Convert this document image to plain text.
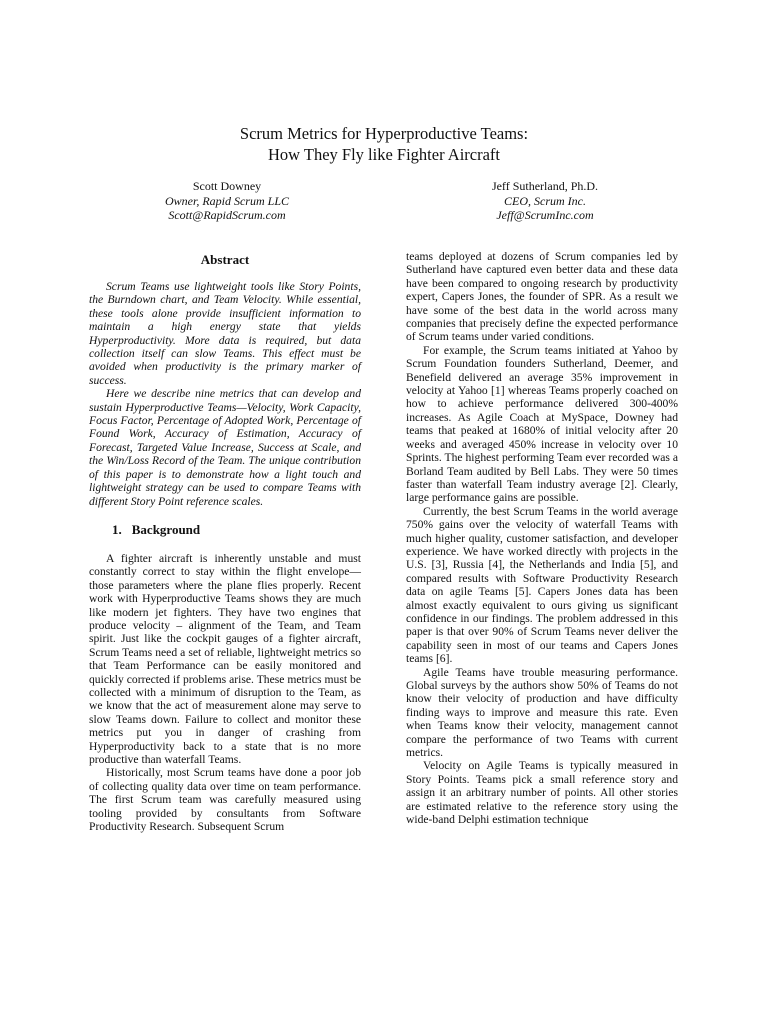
Scrum Metrics for Hyperproductive Teams:
How They Fly like Fighter Aircraft
Scott Downey
Owner, Rapid Scrum LLC
Scott@RapidScrum.com
Jeff Sutherland, Ph.D.
CEO, Scrum Inc.
Jeff@ScrumInc.com
Abstract

Scrum Teams use lightweight tools like Story Points, the Burndown chart, and Team Velocity. While essential, these tools alone provide insufficient information to maintain a high energy state that yields Hyperproductivity. More data is required, but data collection itself can slow Teams. This effect must be avoided when productivity is the primary marker of success.

Here we describe nine metrics that can develop and sustain Hyperproductive Teams—Velocity, Work Capacity, Focus Factor, Percentage of Adopted Work, Percentage of Found Work, Accuracy of Estimation, Accuracy of Forecast, Targeted Value Increase, Success at Scale, and the Win/Loss Record of the Team. The unique contribution of this paper is to demonstrate how a light touch and lightweight strategy can be used to compare Teams with different Story Point reference scales.

1. Background

A fighter aircraft is inherently unstable and must constantly correct to stay within the flight envelope—those parameters where the plane flies properly. Recent work with Hyperproductive Teams shows they are much like modern jet fighters. They have two engines that produce velocity – alignment of the Team, and Team spirit. Just like the cockpit gauges of a fighter aircraft, Scrum Teams need a set of reliable, lightweight metrics so that Team Performance can be easily monitored and quickly corrected if problems arise. These metrics must be collected with a minimum of disruption to the Team, as we know that the act of measurement alone may serve to slow Teams down. Failure to collect and monitor these metrics put you in danger of crashing from Hyperproductivity back to a state that is no more productive than waterfall Teams.

Historically, most Scrum teams have done a poor job of collecting quality data over time on team performance. The first Scrum team was carefully measured using tooling provided by consultants from Software Productivity Research. Subsequent Scrum

teams deployed at dozens of Scrum companies led by Sutherland have captured even better data and these data have been compared to ongoing research by productivity expert, Capers Jones, the founder of SPR. As a result we have some of the best data in the world across many companies that precisely define the expected performance of Scrum teams under varied conditions.

For example, the Scrum teams initiated at Yahoo by Scrum Foundation founders Sutherland, Deemer, and Benefield delivered an average 35% improvement in velocity at Yahoo [1] whereas Teams properly coached on how to achieve performance delivered 300-400% increases. As Agile Coach at MySpace, Downey had teams that peaked at 1680% of initial velocity after 20 weeks and averaged 450% increase in velocity over 10 Sprints. The highest performing Team ever recorded was a Borland Team audited by Bell Labs. They were 50 times faster than waterfall Team industry average [2]. Clearly, large performance gains are possible.

Currently, the best Scrum Teams in the world average 750% gains over the velocity of waterfall Teams with much higher quality, customer satisfaction, and developer experience. We have worked directly with projects in the U.S. [3], Russia [4], the Netherlands and India [5], and compared results with Software Productivity Research data on agile Teams [5]. Capers Jones data has been almost exactly equivalent to ours giving us significant confidence in our findings. The problem addressed in this paper is that over 90% of Scrum Teams never deliver the capability seen in most of our teams and Capers Jones teams [6].

Agile Teams have trouble measuring performance. Global surveys by the authors show 50% of Teams do not know their velocity of production and have difficulty finding ways to improve and measure this rate. Even when Teams know their velocity, management cannot compare the performance of two Teams with current metrics.

Velocity on Agile Teams is typically measured in Story Points. Teams pick a small reference story and assign it an arbitrary number of points. All other stories are estimated relative to the reference story using the wide-band Delphi estimation technique
